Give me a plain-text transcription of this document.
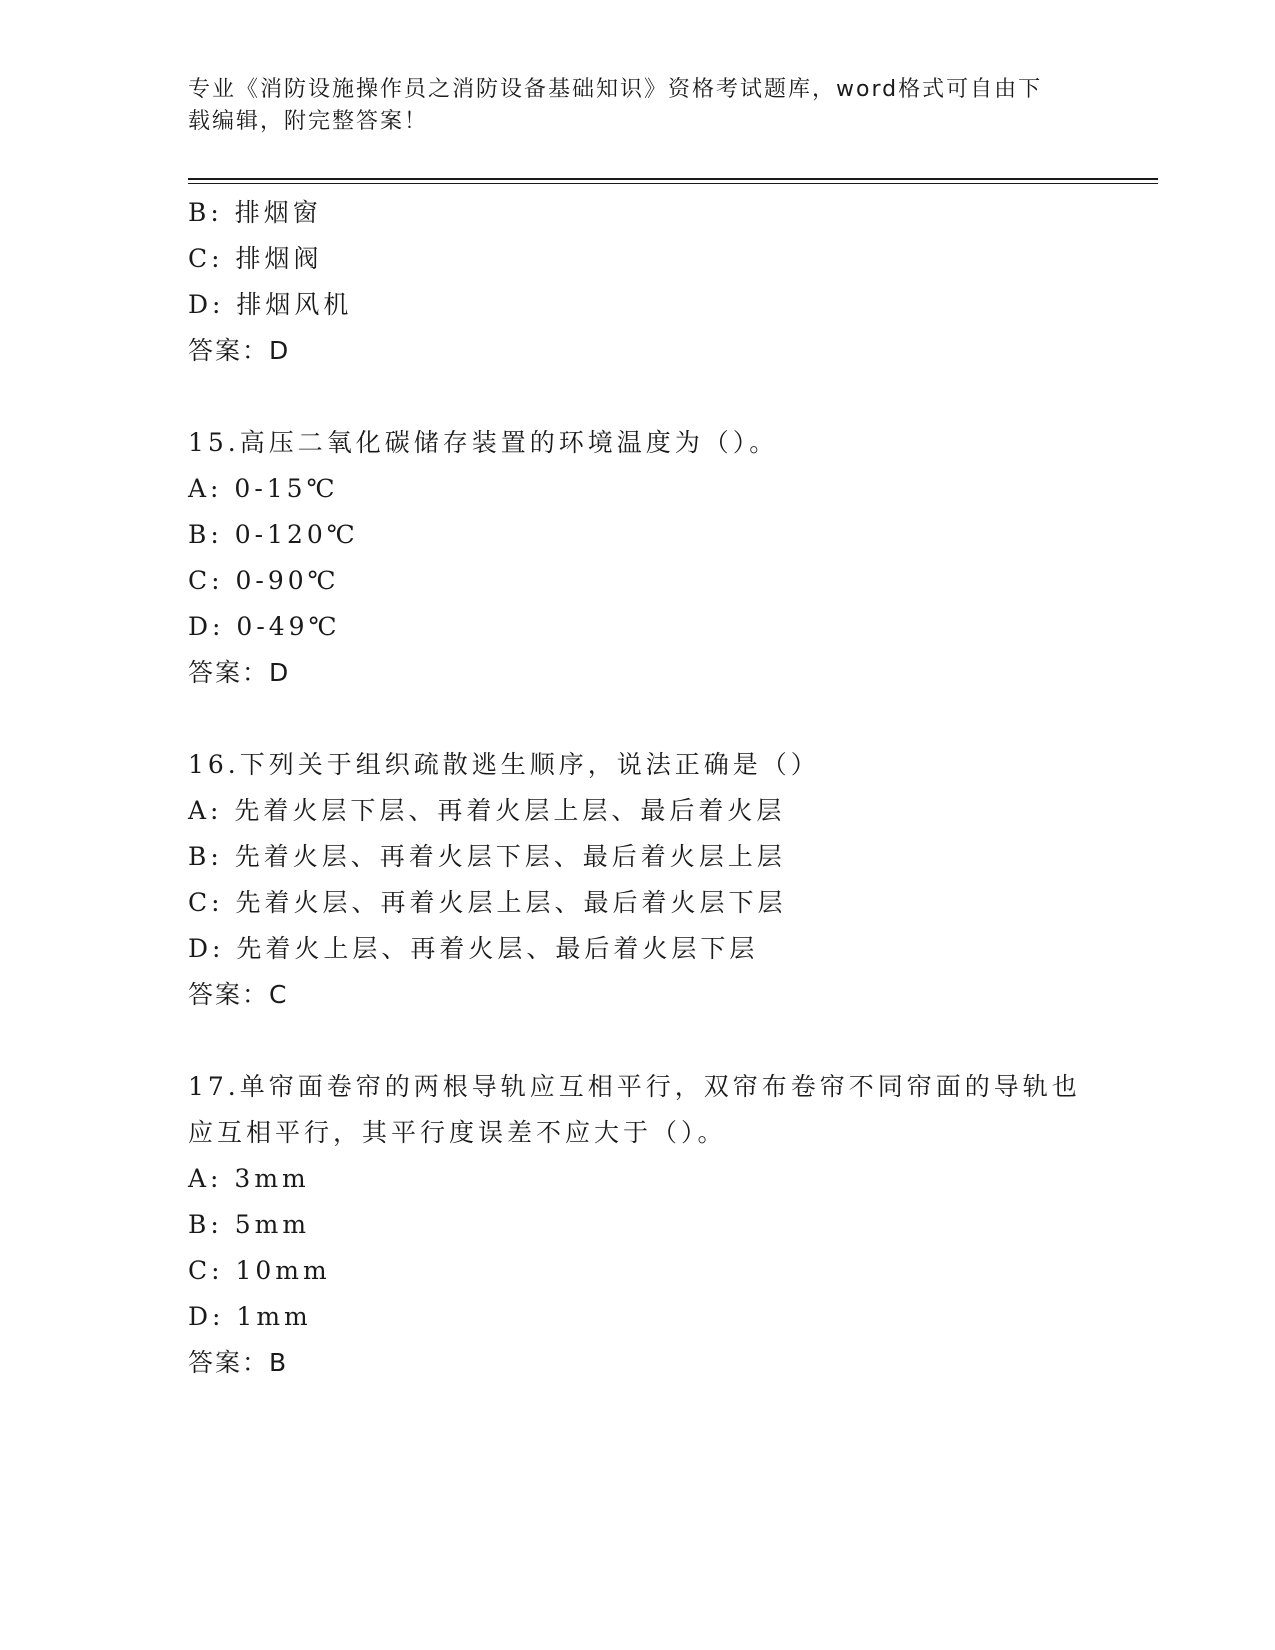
专业《消防设施操作员之消防设备基础知识》资格考试题库，word格式可自由下
载编辑，附完整答案！
B: 排烟窗
C: 排烟阀
D: 排烟风机
答案：D
15.高压二氧化碳储存装置的环境温度为（）。
A: 0-15℃
B: 0-120℃
C: 0-90℃
D: 0-49℃
答案：D
16.下列关于组织疏散逃生顺序，说法正确是（）
A: 先着火层下层、再着火层上层、最后着火层
B: 先着火层、再着火层下层、最后着火层上层
C: 先着火层、再着火层上层、最后着火层下层
D: 先着火上层、再着火层、最后着火层下层
答案：C
17.单帘面卷帘的两根导轨应互相平行，双帘布卷帘不同帘面的导轨也
应互相平行，其平行度误差不应大于（）。
A: 3mm
B: 5mm
C: 10mm
D: 1mm
答案：B
